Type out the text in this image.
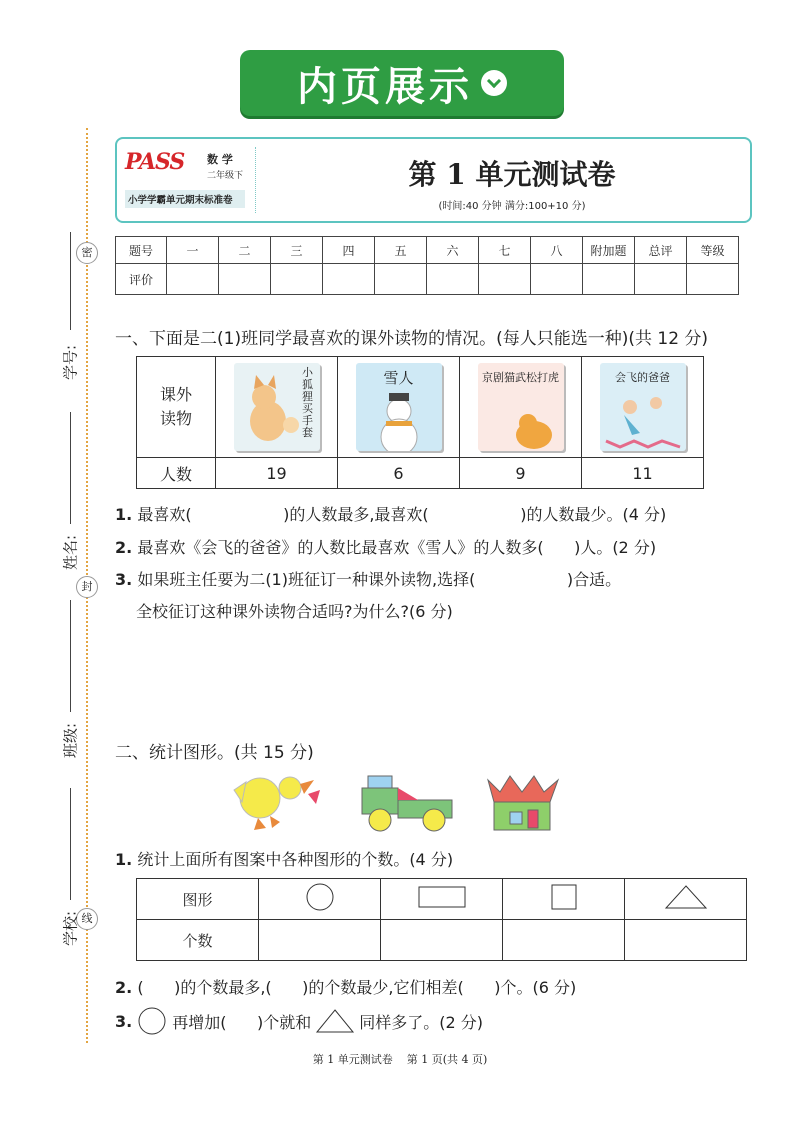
内页展示
密
封
线
学号:
姓名:
班级:
学校:
PASS 数 学
二年级下
小学学霸单元期末标准卷
第 1 单元测试卷
(时间:40 分钟 满分:100+10 分)
题号	一	二	三	四	五	六	七	八	附加题	总评	等级
评价											
一、下面是二(1)班同学最喜欢的课外读物的情况。(每人只能选一种)(共 12 分)
课外读物	小狐狸买手套	雪人	京剧猫武松打虎	会飞的爸爸

人数	19	6	9	11
1. 最喜欢(                  )的人数最多,最喜欢(                  )的人数最少。(4 分)
2. 最喜欢《会飞的爸爸》的人数比最喜欢《雪人》的人数多(      )人。(2 分)
3. 如果班主任要为二(1)班征订一种课外读物,选择(                  )合适。
全校征订这种课外读物合适吗?为什么?(6 分)
二、统计图形。(共 15 分)
1. 统计上面所有图案中各种图形的个数。(4 分)
图形				
个数				
2. (      )的个数最多,(      )的个数最少,它们相差(      )个。(6 分)
3.	再增加(      )个就和	同样多了。(2 分)
第 1 单元测试卷    第 1 页(共 4 页)
